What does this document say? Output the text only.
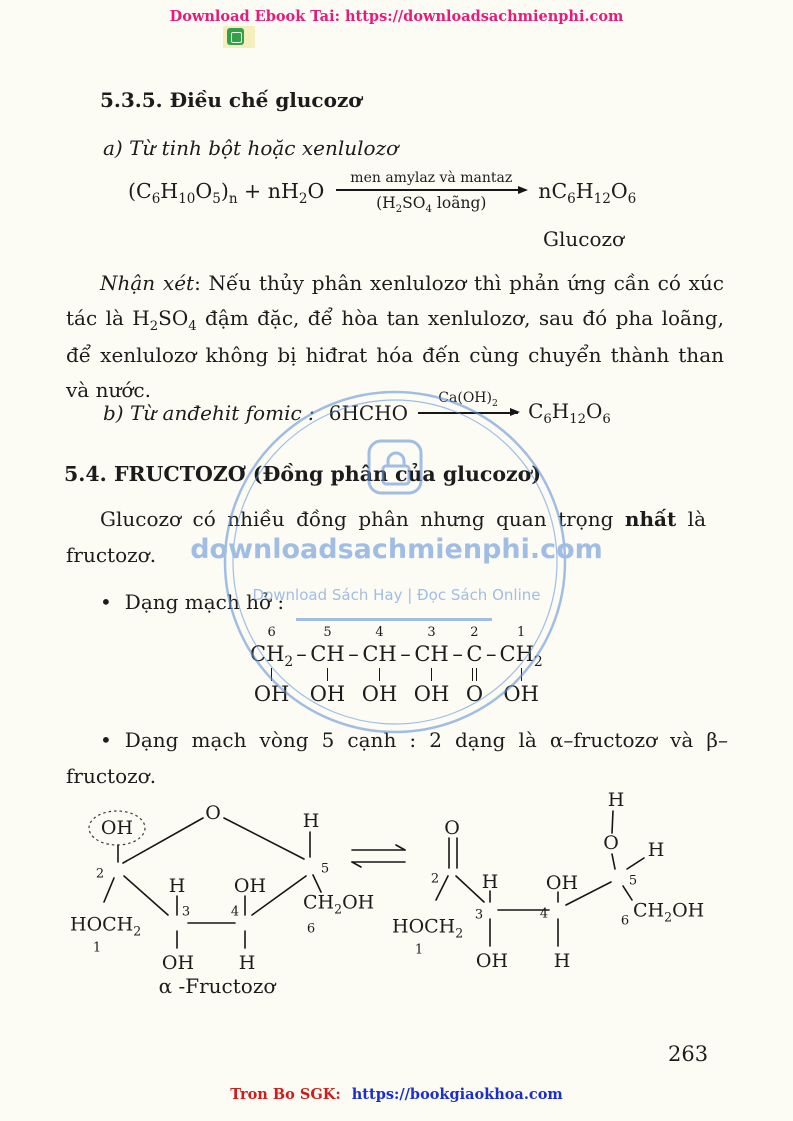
Download Ebook Tai: https://downloadsachmienphi.com
5.3.5. Điều chế glucozơ
a) Từ tinh bột hoặc xenlulozơ
$(C_6H_{10}O_5)_n + nH_2O$
men amylaz và mantaz
($H_2SO_4$ loãng)
$nC_6H_{12}O_6$
Glucozơ

Nhận xét: Nếu thủy phân xenlulozơ thì phản ứng cần có xúc tác là $H_2SO_4$ đậm đặc, để hòa tan xenlulozơ, sau đó pha loãng, để xenlulozơ không bị hiđrat hóa đến cùng chuyển thành than và nước.

b) Từ anđehit fomic : 6HCHO
$Ca(OH)_2$	$C_6H_{12}O_6$
5.4. FRUCTOZƠ (Đồng phân của glucozơ)

Glucozơ có nhiều đồng phân nhưng quan trọng nhất là fructozơ.

• Dạng mạch hở :
6
$CH_2$
OH
–
5
CH
OH
–
4
CH
OH
–
3
CH
OH
–
2
C
O
–
1
$CH_2$
OH

• Dạng mạch vòng 5 cạnh : 2 dạng là α–fructozơ và β–fructozơ.

OH
O	H
2	5
H	OH
3	4
OH H
$HOCH_2$
1
$CH_2OH$
6
O
2
$HOCH_2$
1
H
3
OH
OH
4
H
5
H
O H
6 $CH_2OH$
α -Fructozơ
downloadsachmienphi.com
Download Sách Hay | Đọc Sách Online
263
Tron Bo SGK: https://bookgiaokhoa.com
